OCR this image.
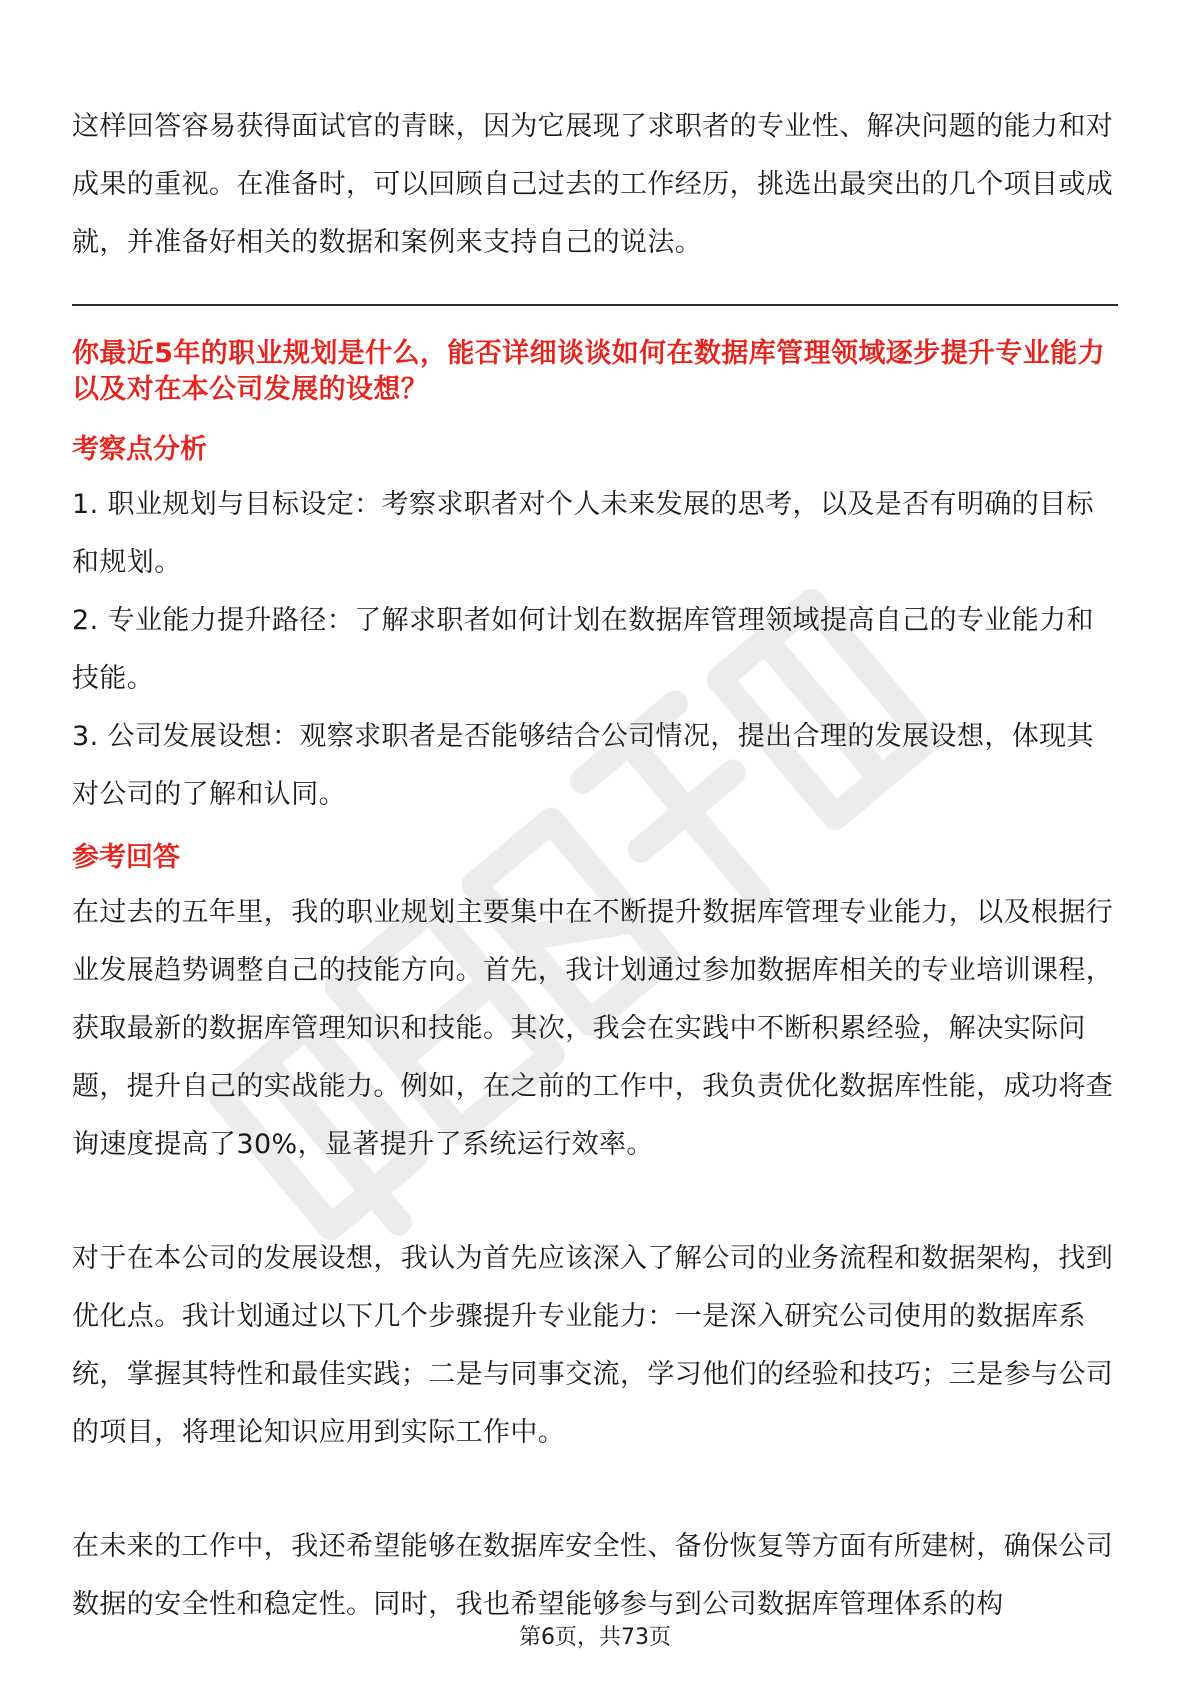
这样回答容易获得面试官的青睐，因为它展现了求职者的专业性、解决问题的能力和对成果的重视。在准备时，可以回顾自己过去的工作经历，挑选出最突出的几个项目或成就，并准备好相关的数据和案例来支持自己的说法。

你最近5年的职业规划是什么，能否详细谈谈如何在数据库管理领域逐步提升专业能力以及对在本公司发展的设想？

考察点分析
1. 职业规划与目标设定：考察求职者对个人未来发展的思考，以及是否有明确的目标和规划。
2. 专业能力提升路径：了解求职者如何计划在数据库管理领域提高自己的专业能力和技能。
3. 公司发展设想：观察求职者是否能够结合公司情况，提出合理的发展设想，体现其对公司的了解和认同。
参考回答

在过去的五年里，我的职业规划主要集中在不断提升数据库管理专业能力，以及根据行业发展趋势调整自己的技能方向。首先，我计划通过参加数据库相关的专业培训课程，获取最新的数据库管理知识和技能。其次，我会在实践中不断积累经验，解决实际问题，提升自己的实战能力。例如，在之前的工作中，我负责优化数据库性能，成功将查询速度提高了30%，显著提升了系统运行效率。

对于在本公司的发展设想，我认为首先应该深入了解公司的业务流程和数据架构，找到优化点。我计划通过以下几个步骤提升专业能力：一是深入研究公司使用的数据库系统，掌握其特性和最佳实践；二是与同事交流，学习他们的经验和技巧；三是参与公司的项目，将理论知识应用到实际工作中。

在未来的工作中，我还希望能够在数据库安全性、备份恢复等方面有所建树，确保公司数据的安全性和稳定性。同时，我也希望能够参与到公司数据库管理体系的构

第6页，共73页
